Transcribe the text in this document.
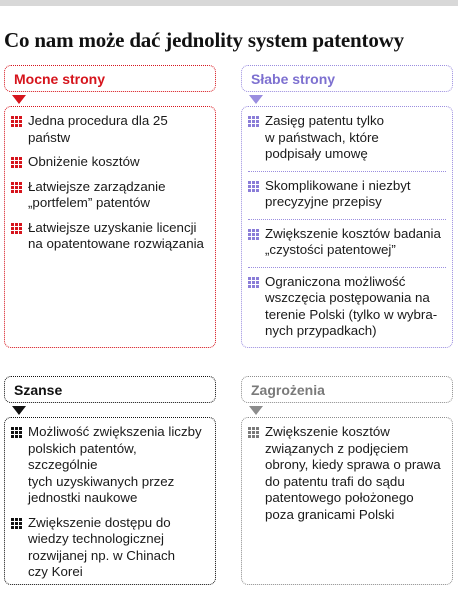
Co nam może dać jednolity system patentowy
Mocne strony
Jedna procedura dla 25 państw
Obniżenie kosztów
Łatwiejsze zarządzanie
„portfelem” patentów
Łatwiejsze uzyskanie licencji
na opatentowane rozwiązania
Słabe strony
Zasięg patentu tylko
w państwach, które
podpisały umowę
Skomplikowane i niezbyt
precyzyjne przepisy
Zwiększenie kosztów badania
„czystości patentowej”
Ograniczona możliwość
wszczęcia postępowania na
terenie Polski (tylko w wybra-
nych przypadkach)
Szanse
Możliwość zwiększenia liczby
polskich patentów, szczególnie
tych uzyskiwanych przez
jednostki naukowe
Zwiększenie dostępu do
wiedzy technologicznej
rozwijanej np. w Chinach
czy Korei
Zagrożenia
Zwiększenie kosztów
związanych z podjęciem
obrony, kiedy sprawa o prawa
do patentu trafi do sądu
patentowego położonego
poza granicami Polski
